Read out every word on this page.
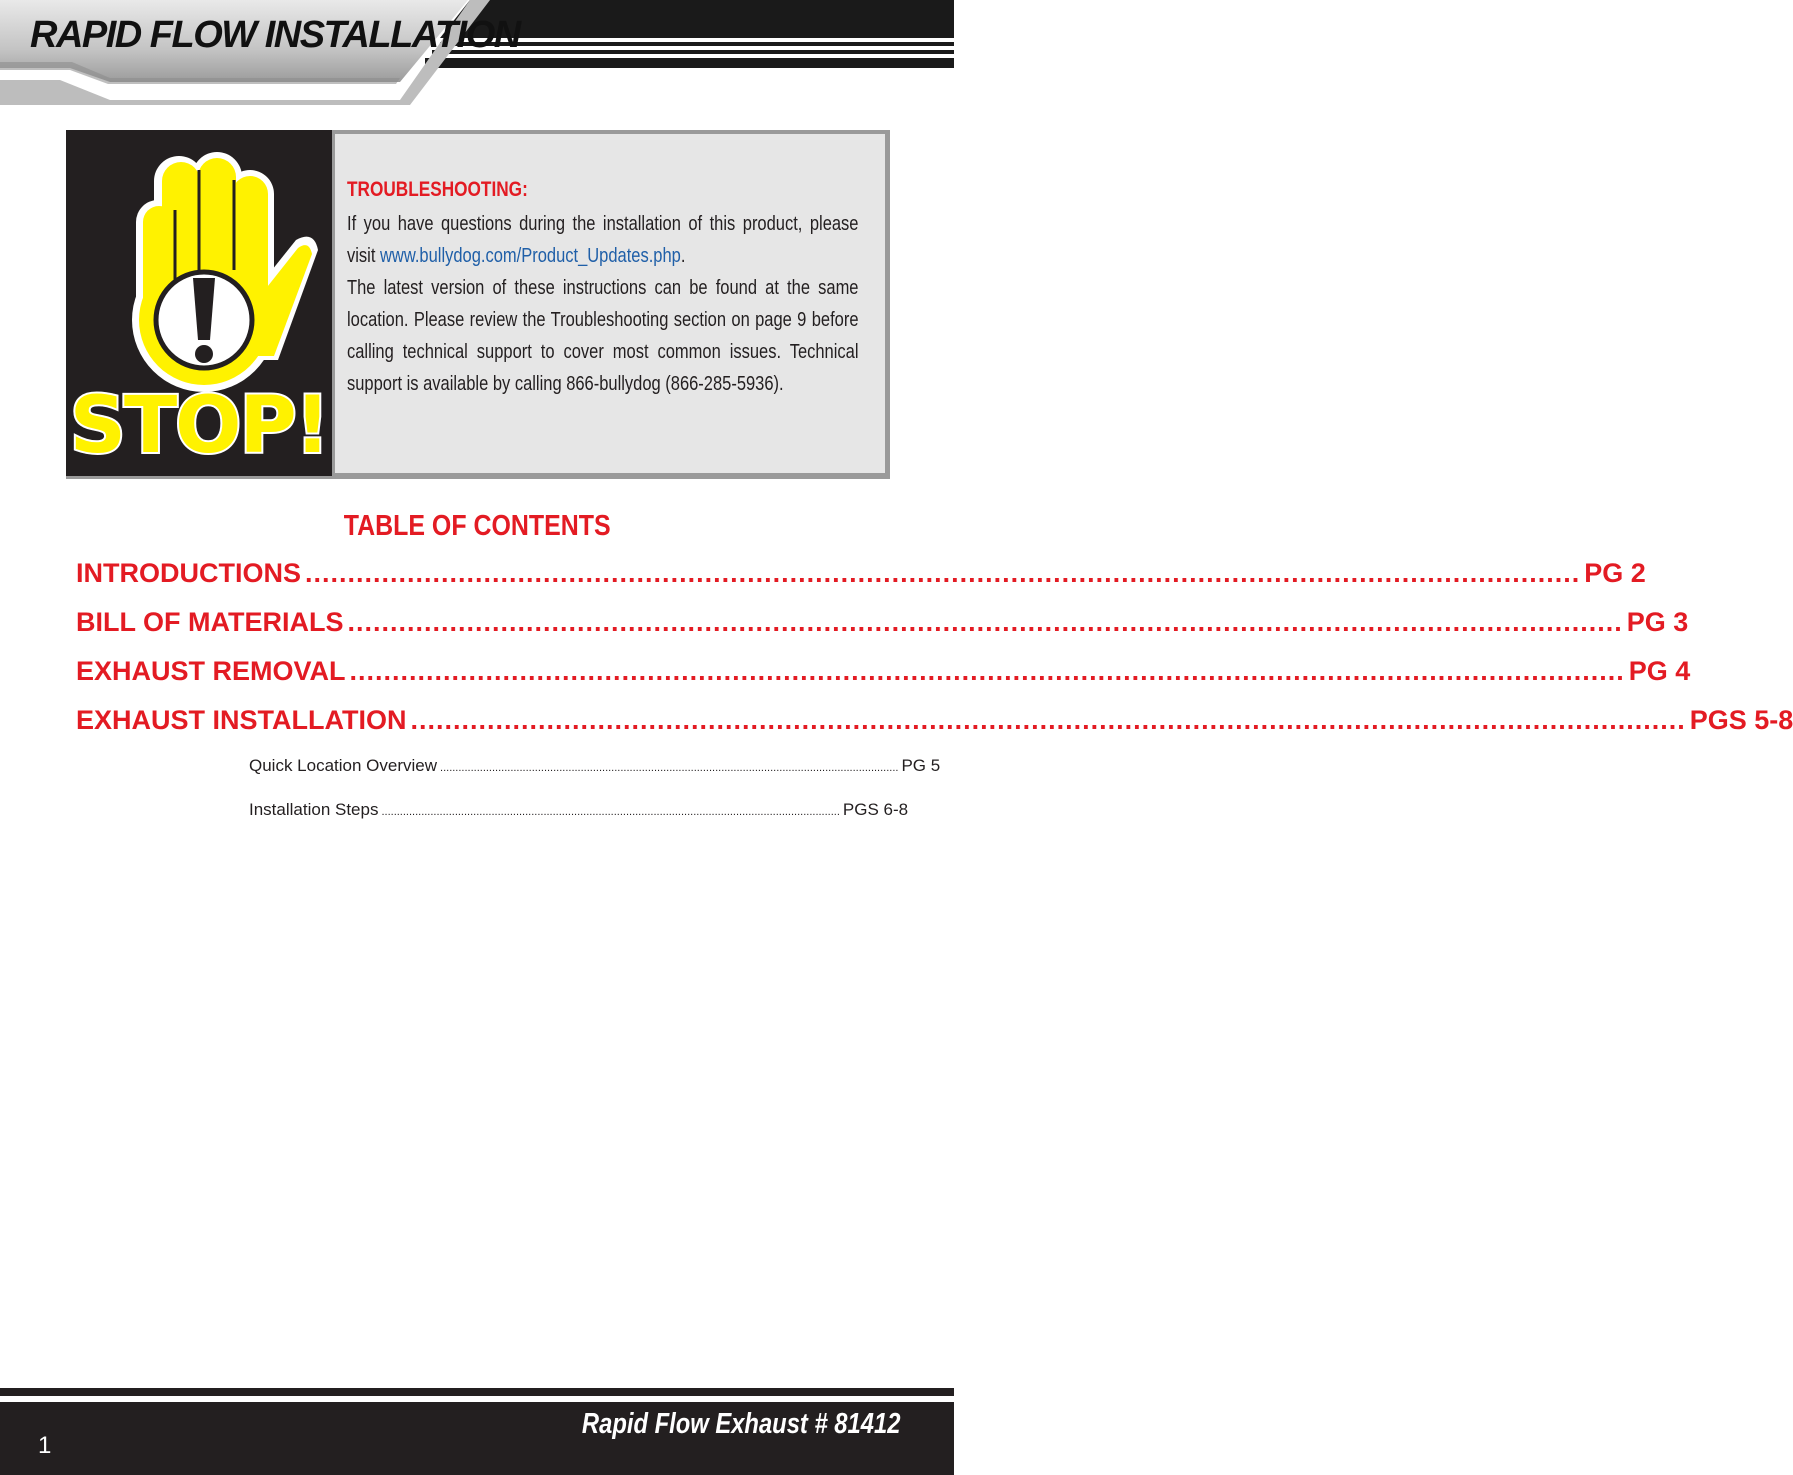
RAPID FLOW INSTALLATION
STOP!
TROUBLESHOOTING:

If you have questions during the installation of this product, please visit www.bullydog.com/Product_Updates.php.

The latest version of these instructions can be found at the same location. Please review the Troubleshooting section on page 9 before calling technical support to cover most common issues. Technical support is available by calling 866-bullydog (866-285-5936).

TABLE OF CONTENTS
INTRODUCTIONS ...................................................................................................................................................... PG 2
BILL OF MATERIALS ...................................................................................................................................................... PG 3
EXHAUST REMOVAL ...................................................................................................................................................... PG 4
EXHAUST INSTALLATION ...................................................................................................................................................... PGS 5-8
Quick Location Overview ...................................................................................................................................................... PG 5
Installation Steps ...................................................................................................................................................... PGS 6-8
Rapid Flow Exhaust # 81412
1
